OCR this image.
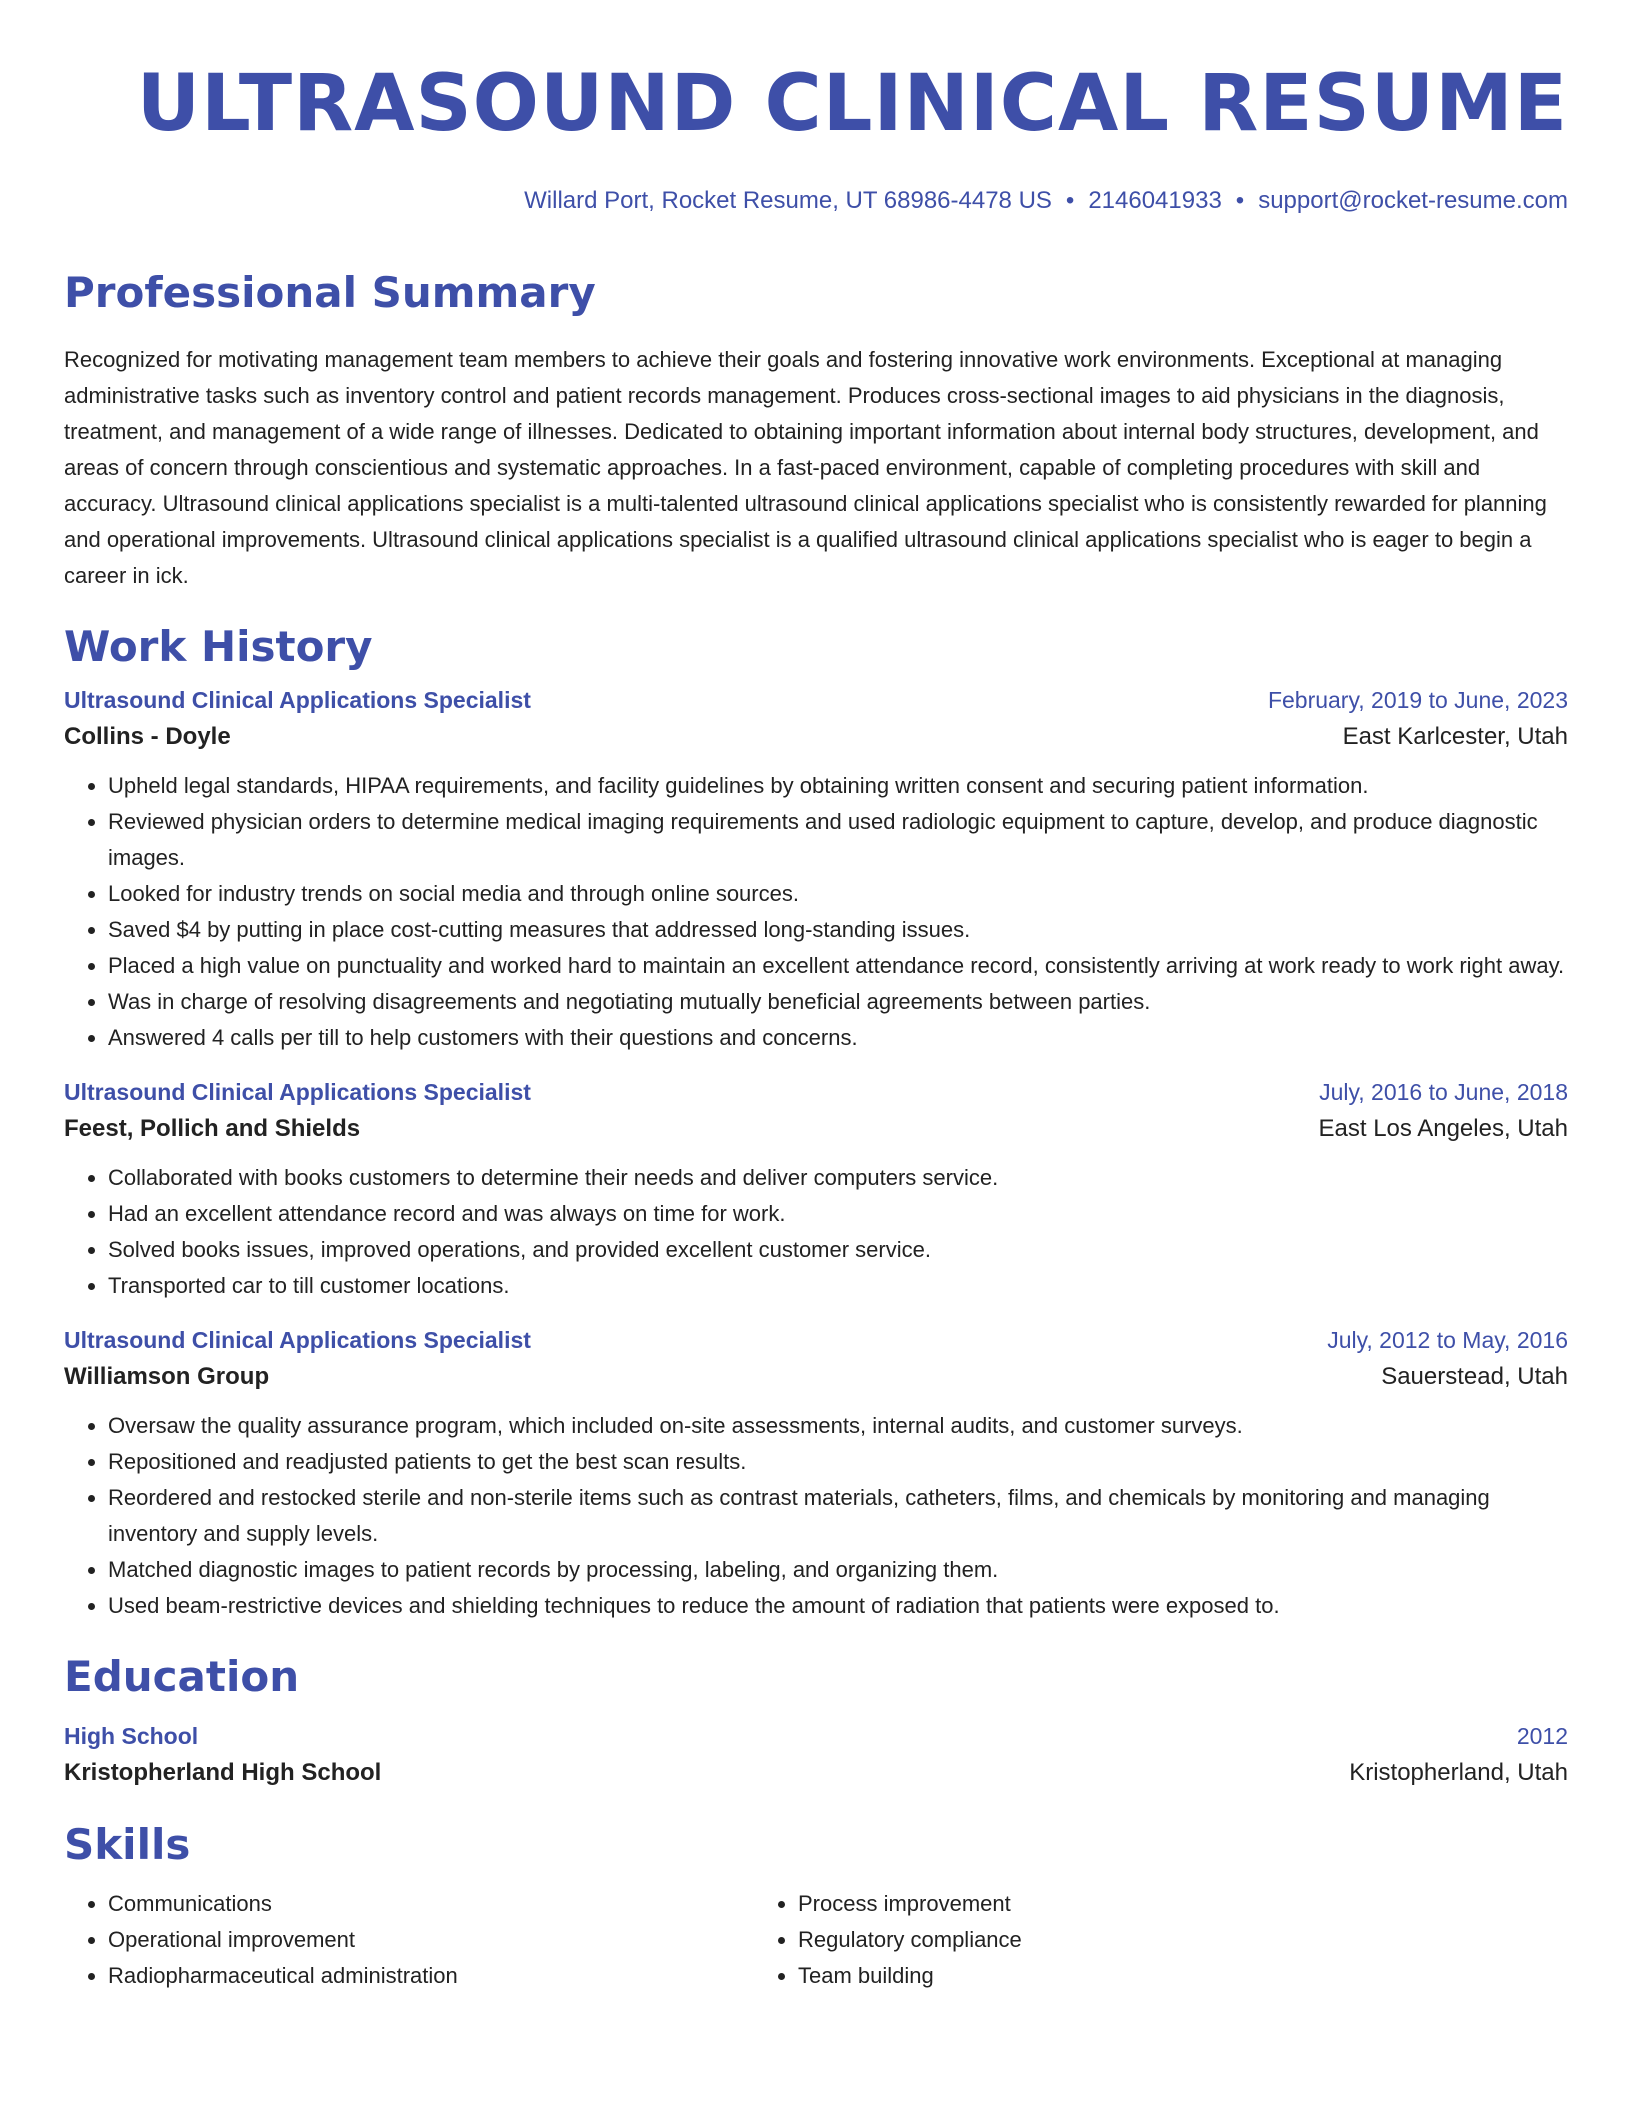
ULTRASOUND CLINICAL RESUME
Willard Port, Rocket Resume, UT 68986-4478 US • 2146041933 • support@rocket-resume.com
Professional Summary
Recognized for motivating management team members to achieve their goals and fostering innovative work environments. Exceptional at managing administrative tasks such as inventory control and patient records management. Produces cross-sectional images to aid physicians in the diagnosis, treatment, and management of a wide range of illnesses. Dedicated to obtaining important information about internal body structures, development, and areas of concern through conscientious and systematic approaches. In a fast-paced environment, capable of completing procedures with skill and accuracy. Ultrasound clinical applications specialist is a multi-talented ultrasound clinical applications specialist who is consistently rewarded for planning and operational improvements. Ultrasound clinical applications specialist is a qualified ultrasound clinical applications specialist who is eager to begin a career in ick.
Work History
Ultrasound Clinical Applications Specialist	February, 2019 to June, 2023
Collins - Doyle	East Karlcester, Utah
• Upheld legal standards, HIPAA requirements, and facility guidelines by obtaining written consent and securing patient information.
• Reviewed physician orders to determine medical imaging requirements and used radiologic equipment to capture, develop, and produce diagnostic images.
• Looked for industry trends on social media and through online sources.
• Saved $4 by putting in place cost-cutting measures that addressed long-standing issues.
• Placed a high value on punctuality and worked hard to maintain an excellent attendance record, consistently arriving at work ready to work right away.
• Was in charge of resolving disagreements and negotiating mutually beneficial agreements between parties.
• Answered 4 calls per till to help customers with their questions and concerns.
Ultrasound Clinical Applications Specialist	July, 2016 to June, 2018
Feest, Pollich and Shields	East Los Angeles, Utah
• Collaborated with books customers to determine their needs and deliver computers service.
• Had an excellent attendance record and was always on time for work.
• Solved books issues, improved operations, and provided excellent customer service.
• Transported car to till customer locations.
Ultrasound Clinical Applications Specialist	July, 2012 to May, 2016
Williamson Group	Sauerstead, Utah
• Oversaw the quality assurance program, which included on-site assessments, internal audits, and customer surveys.
• Repositioned and readjusted patients to get the best scan results.
• Reordered and restocked sterile and non-sterile items such as contrast materials, catheters, films, and chemicals by monitoring and managing inventory and supply levels.
• Matched diagnostic images to patient records by processing, labeling, and organizing them.
• Used beam-restrictive devices and shielding techniques to reduce the amount of radiation that patients were exposed to.
Education
High School	2012
Kristopherland High School	Kristopherland, Utah
Skills
• Communications
• Operational improvement
• Radiopharmaceutical administration
• Process improvement
• Regulatory compliance
• Team building
